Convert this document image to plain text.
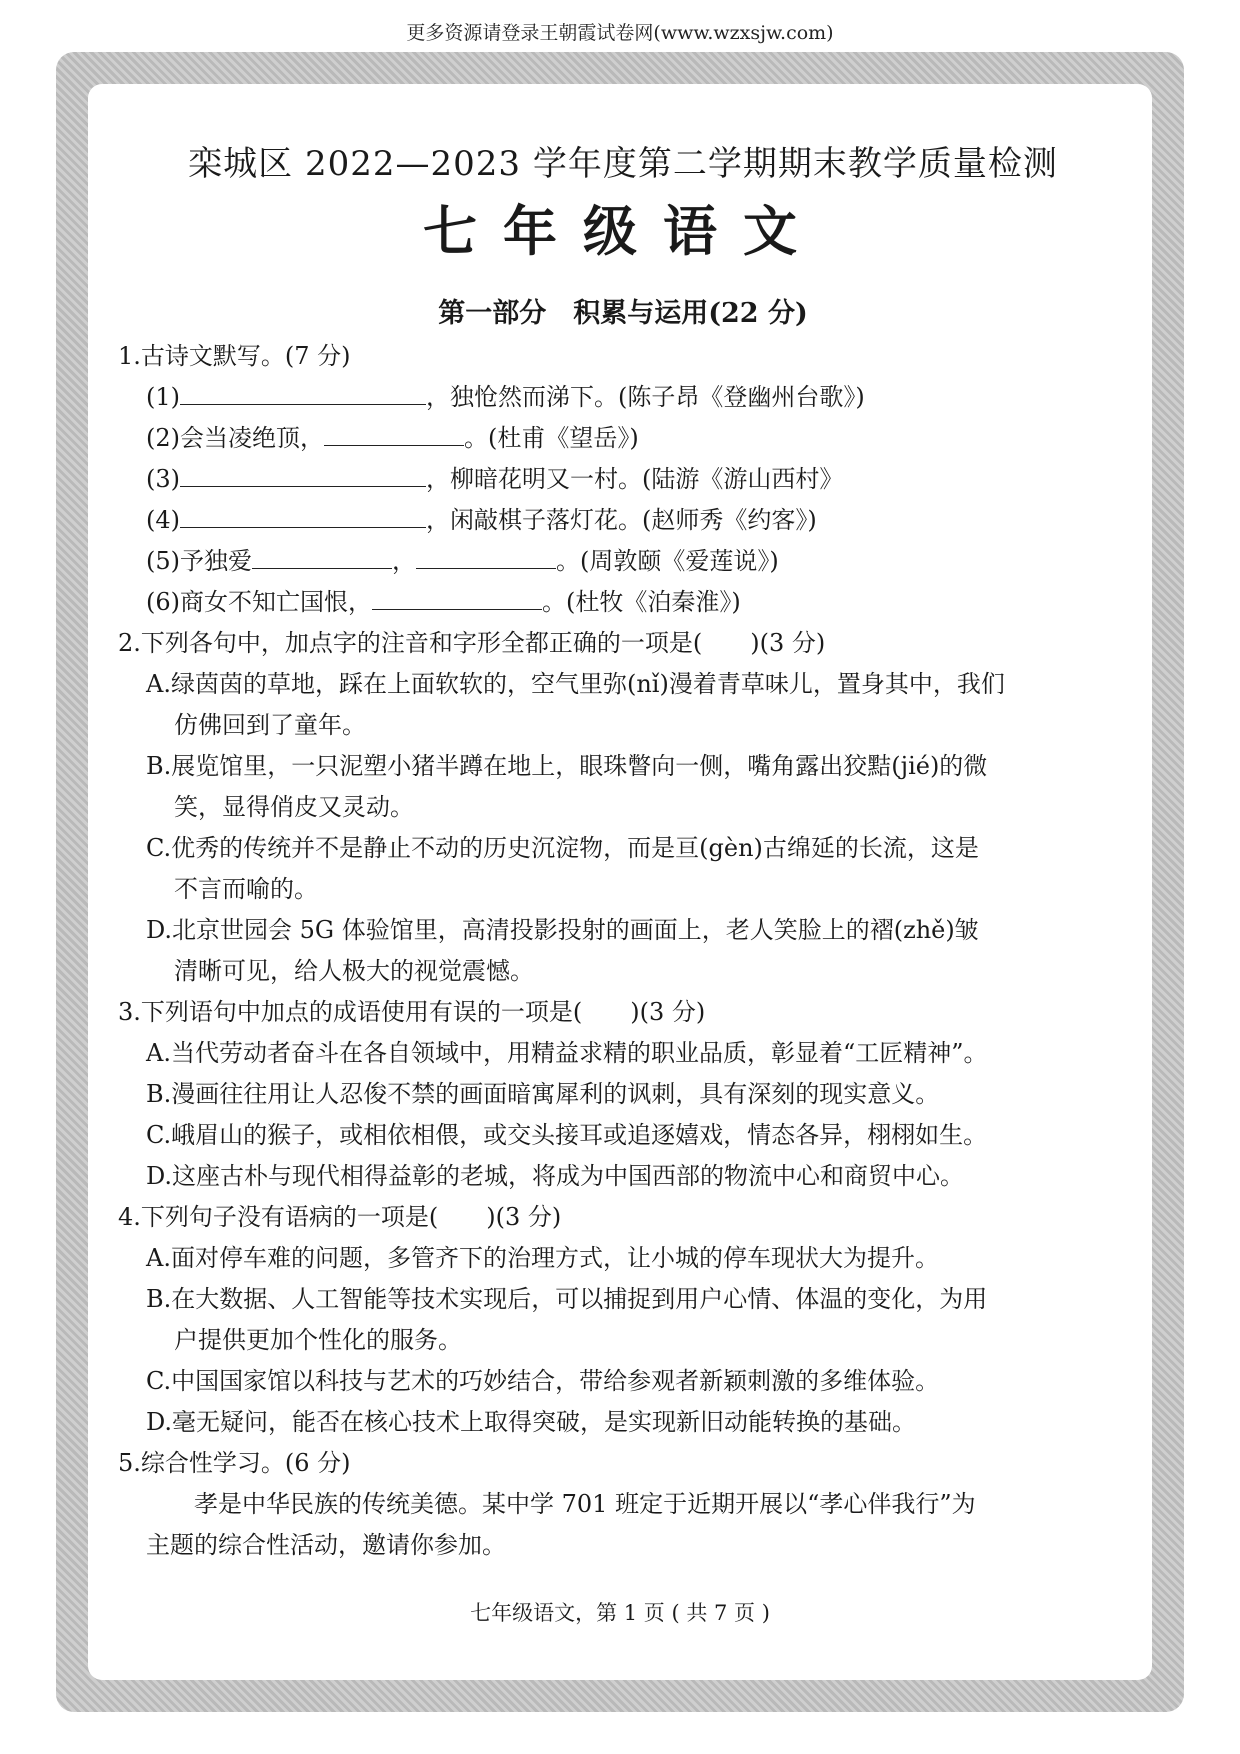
更多资源请登录王朝霞试卷网(www.wzxsjw.com)
栾城区 2022—2023 学年度第二学期期末教学质量检测
七年级语文
第一部分　积累与运用(22 分)
1.古诗文默写。(7 分)
(1)	，独怆然而涕下。(陈子昂《登幽州台歌》)
(2)会当凌绝顶，	。(杜甫《望岳》)
(3)	，柳暗花明又一村。(陆游《游山西村》
(4)	，闲敲棋子落灯花。(赵师秀《约客》)
(5)予独爱	，	。(周敦颐《爱莲说》)
(6)商女不知亡国恨，	。(杜牧《泊秦淮》)
2.下列各句中，加点字的注音和字形全都正确的一项是(　　)(3 分)
A.绿茵茵的草地，踩在上面软软的，空气里弥(nǐ)漫着青草味儿，置身其中，我们
仿佛回到了童年。
B.展览馆里，一只泥塑小猪半蹲在地上，眼珠瞥向一侧，嘴角露出狡黠(jié)的微
笑，显得俏皮又灵动。
C.优秀的传统并不是静止不动的历史沉淀物，而是亘(gèn)古绵延的长流，这是
不言而喻的。
D.北京世园会 5G 体验馆里，高清投影投射的画面上，老人笑脸上的褶(zhě)皱
清晰可见，给人极大的视觉震憾。
3.下列语句中加点的成语使用有误的一项是(　　)(3 分)
A.当代劳动者奋斗在各自领域中，用精益求精的职业品质，彰显着“工匠精神”。
B.漫画往往用让人忍俊不禁的画面暗寓犀利的讽刺，具有深刻的现实意义。
C.峨眉山的猴子，或相依相偎，或交头接耳或追逐嬉戏，情态各异，栩栩如生。
D.这座古朴与现代相得益彰的老城，将成为中国西部的物流中心和商贸中心。
4.下列句子没有语病的一项是(　　)(3 分)
A.面对停车难的问题，多管齐下的治理方式，让小城的停车现状大为提升。
B.在大数据、人工智能等技术实现后，可以捕捉到用户心情、体温的变化，为用
户提供更加个性化的服务。
C.中国国家馆以科技与艺术的巧妙结合，带给参观者新颖刺激的多维体验。
D.毫无疑问，能否在核心技术上取得突破，是实现新旧动能转换的基础。
5.综合性学习。(6 分)
孝是中华民族的传统美德。某中学 701 班定于近期开展以“孝心伴我行”为
主题的综合性活动，邀请你参加。
七年级语文，第 1 页 ( 共 7 页 )
